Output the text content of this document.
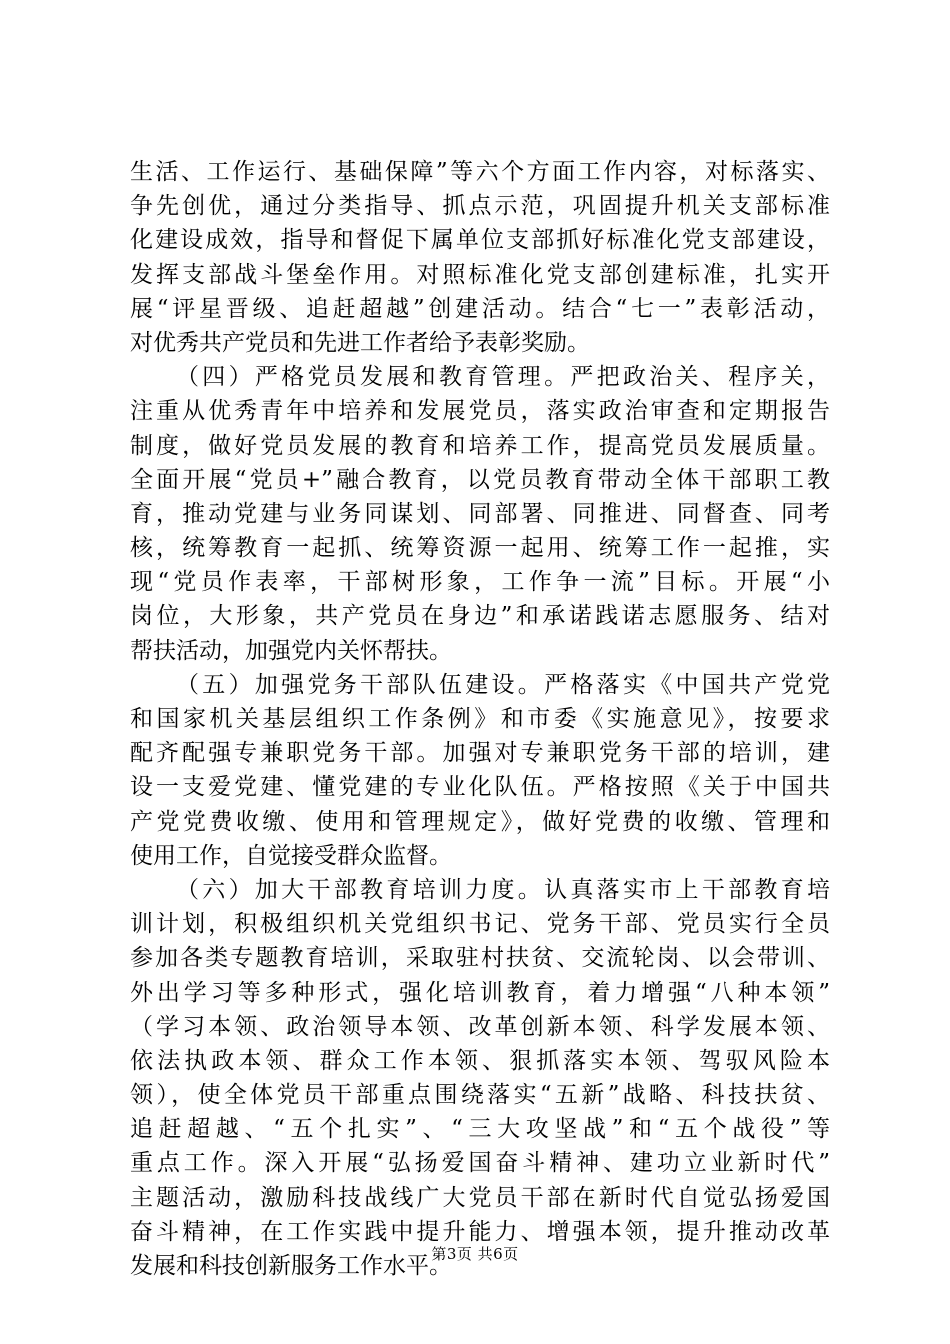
生活、工作运行、基础保障”等六个方面工作内容，对标落实、
争先创优，通过分类指导、抓点示范，巩固提升机关支部标准
化建设成效，指导和督促下属单位支部抓好标准化党支部建设，
发挥支部战斗堡垒作用。对照标准化党支部创建标准，扎实开
展“评星晋级、追赶超越”创建活动。结合“七一”表彰活动，
对优秀共产党员和先进工作者给予表彰奖励。
（四）严格党员发展和教育管理。严把政治关、程序关，
注重从优秀青年中培养和发展党员，落实政治审查和定期报告
制度，做好党员发展的教育和培养工作，提高党员发展质量。
全面开展“党员+”融合教育，以党员教育带动全体干部职工教
育，推动党建与业务同谋划、同部署、同推进、同督查、同考
核，统筹教育一起抓、统筹资源一起用、统筹工作一起推，实
现“党员作表率，干部树形象，工作争一流”目标。开展“小
岗位，大形象，共产党员在身边”和承诺践诺志愿服务、结对
帮扶活动，加强党内关怀帮扶。
（五）加强党务干部队伍建设。严格落实《中国共产党党
和国家机关基层组织工作条例》和市委《实施意见》，按要求
配齐配强专兼职党务干部。加强对专兼职党务干部的培训，建
设一支爱党建、懂党建的专业化队伍。严格按照《关于中国共
产党党费收缴、使用和管理规定》，做好党费的收缴、管理和
使用工作，自觉接受群众监督。
（六）加大干部教育培训力度。认真落实市上干部教育培
训计划，积极组织机关党组织书记、党务干部、党员实行全员
参加各类专题教育培训，采取驻村扶贫、交流轮岗、以会带训、
外出学习等多种形式，强化培训教育，着力增强“八种本领”
（学习本领、政治领导本领、改革创新本领、科学发展本领、
依法执政本领、群众工作本领、狠抓落实本领、驾驭风险本
领），使全体党员干部重点围绕落实“五新”战略、科技扶贫、
追赶超越、“五个扎实”、“三大攻坚战”和“五个战役”等
重点工作。深入开展“弘扬爱国奋斗精神、建功立业新时代”
主题活动，激励科技战线广大党员干部在新时代自觉弘扬爱国
奋斗精神，在工作实践中提升能力、增强本领，提升推动改革
发展和科技创新服务工作水平。
第3页 共6页
